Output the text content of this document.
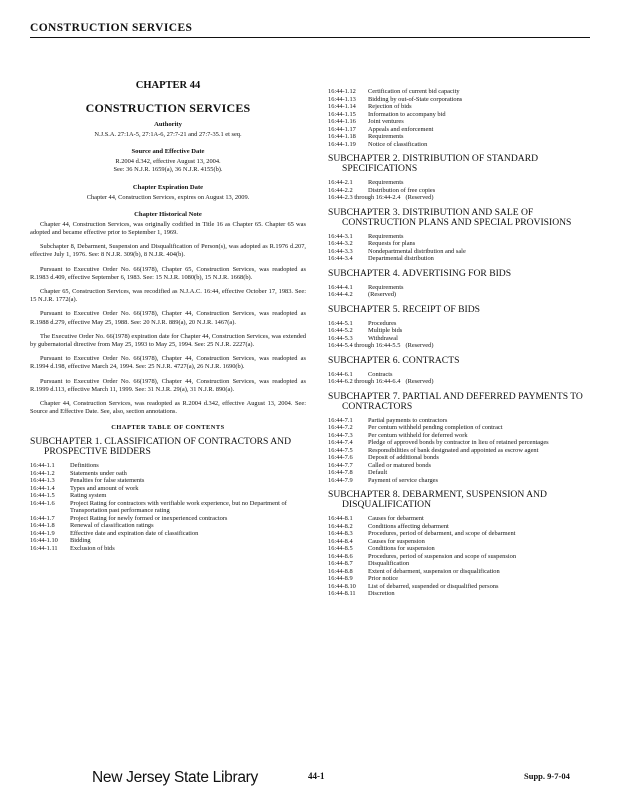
CONSTRUCTION SERVICES
CHAPTER 44
CONSTRUCTION SERVICES
Authority
N.J.S.A. 27:1A-5, 27:1A-6, 27:7-21 and 27:7-35.1 et seq.
Source and Effective Date
R.2004 d.342, effective August 13, 2004.
See: 36 N.J.R. 1659(a), 36 N.J.R. 4155(b).
Chapter Expiration Date
Chapter 44, Construction Services, expires on August 13, 2009.
Chapter Historical Note

Chapter 44, Construction Services, was originally codified in Title 16 as Chapter 65. Chapter 65 was adopted and became effective prior to September 1, 1969.

Subchapter 8, Debarment, Suspension and Disqualification of Person(s), was adopted as R.1976 d.207, effective July 1, 1976. See: 8 N.J.R. 309(b), 8 N.J.R. 404(b).

Pursuant to Executive Order No. 66(1978), Chapter 65, Construction Services, was readopted as R.1983 d.409, effective September 6, 1983. See: 15 N.J.R. 1080(b), 15 N.J.R. 1668(b).

Chapter 65, Construction Services, was recodified as N.J.A.C. 16:44, effective October 17, 1983. See: 15 N.J.R. 1772(a).

Pursuant to Executive Order No. 66(1978), Chapter 44, Construction Services, was readopted as R.1988 d.279, effective May 25, 1988. See: 20 N.J.R. 889(a), 20 N.J.R. 1467(a).

The Executive Order No. 66(1978) expiration date for Chapter 44, Construction Services, was extended by gubernatorial directive from May 25, 1993 to May 25, 1994. See: 25 N.J.R. 2227(a).

Pursuant to Executive Order No. 66(1978), Chapter 44, Construction Services, was readopted as R.1994 d.198, effective March 24, 1994. See: 25 N.J.R. 4727(a), 26 N.J.R. 1690(b).

Pursuant to Executive Order No. 66(1978), Chapter 44, Construction Services, was readopted as R.1999 d.113, effective March 11, 1999. See: 31 N.J.R. 29(a), 31 N.J.R. 890(a).

Chapter 44, Construction Services, was readopted as R.2004 d.342, effective August 13, 2004. See: Source and Effective Date. See, also, section annotations.

CHAPTER TABLE OF CONTENTS
SUBCHAPTER 1. CLASSIFICATION OF CONTRACTORS AND PROSPECTIVE BIDDERS
16:44-1.1	Definitions
16:44-1.2	Statements under oath
16:44-1.3	Penalties for false statements
16:44-1.4	Types and amount of work
16:44-1.5	Rating system
16:44-1.6	Project Rating for contractors with verifiable work experience, but no Department of Transportation past performance rating
16:44-1.7	Project Rating for newly formed or inexperienced contractors
16:44-1.8	Renewal of classification ratings
16:44-1.9	Effective date and expiration date of classification
16:44-1.10	Bidding
16:44-1.11	Exclusion of bids
16:44-1.12	Certification of current bid capacity
16:44-1.13	Bidding by out-of-State corporations
16:44-1.14	Rejection of bids
16:44-1.15	Information to accompany bid
16:44-1.16	Joint ventures
16:44-1.17	Appeals and enforcement
16:44-1.18	Requirements
16:44-1.19	Notice of classification
SUBCHAPTER 2. DISTRIBUTION OF STANDARD SPECIFICATIONS
16:44-2.1	Requirements
16:44-2.2	Distribution of free copies
16:44-2.3 through 16:44-2.4 (Reserved)
SUBCHAPTER 3. DISTRIBUTION AND SALE OF CONSTRUCTION PLANS AND SPECIAL PROVISIONS
16:44-3.1	Requirements
16:44-3.2	Requests for plans
16:44-3.3	Nondepartmental distribution and sale
16:44-3.4	Departmental distribution
SUBCHAPTER 4. ADVERTISING FOR BIDS
16:44-4.1	Requirements
16:44-4.2	(Reserved)
SUBCHAPTER 5. RECEIPT OF BIDS
16:44-5.1	Procedures
16:44-5.2	Multiple bids
16:44-5.3	Withdrawal
16:44-5.4 through 16:44-5.5 (Reserved)
SUBCHAPTER 6. CONTRACTS
16:44-6.1	Contracts
16:44-6.2 through 16:44-6.4 (Reserved)
SUBCHAPTER 7. PARTIAL AND DEFERRED PAYMENTS TO CONTRACTORS
16:44-7.1	Partial payments to contractors
16:44-7.2	Per centum withheld pending completion of contract
16:44-7.3	Per centum withheld for deferred work
16:44-7.4	Pledge of approved bonds by contractor in lieu of retained percentages
16:44-7.5	Responsibilities of bank designated and appointed as escrow agent
16:44-7.6	Deposit of additional bonds
16:44-7.7	Called or matured bonds
16:44-7.8	Default
16:44-7.9	Payment of service charges
SUBCHAPTER 8. DEBARMENT, SUSPENSION AND DISQUALIFICATION
16:44-8.1	Causes for debarment
16:44-8.2	Conditions affecting debarment
16:44-8.3	Procedures, period of debarment, and scope of debarment
16:44-8.4	Causes for suspension
16:44-8.5	Conditions for suspension
16:44-8.6	Procedures, period of suspension and scope of suspension
16:44-8.7	Disqualification
16:44-8.8	Extent of debarment, suspension or disqualification
16:44-8.9	Prior notice
16:44-8.10	List of debarred, suspended or disqualified persons
16:44-8.11	Discretion
New Jersey State Library	44-1	Supp. 9-7-04
